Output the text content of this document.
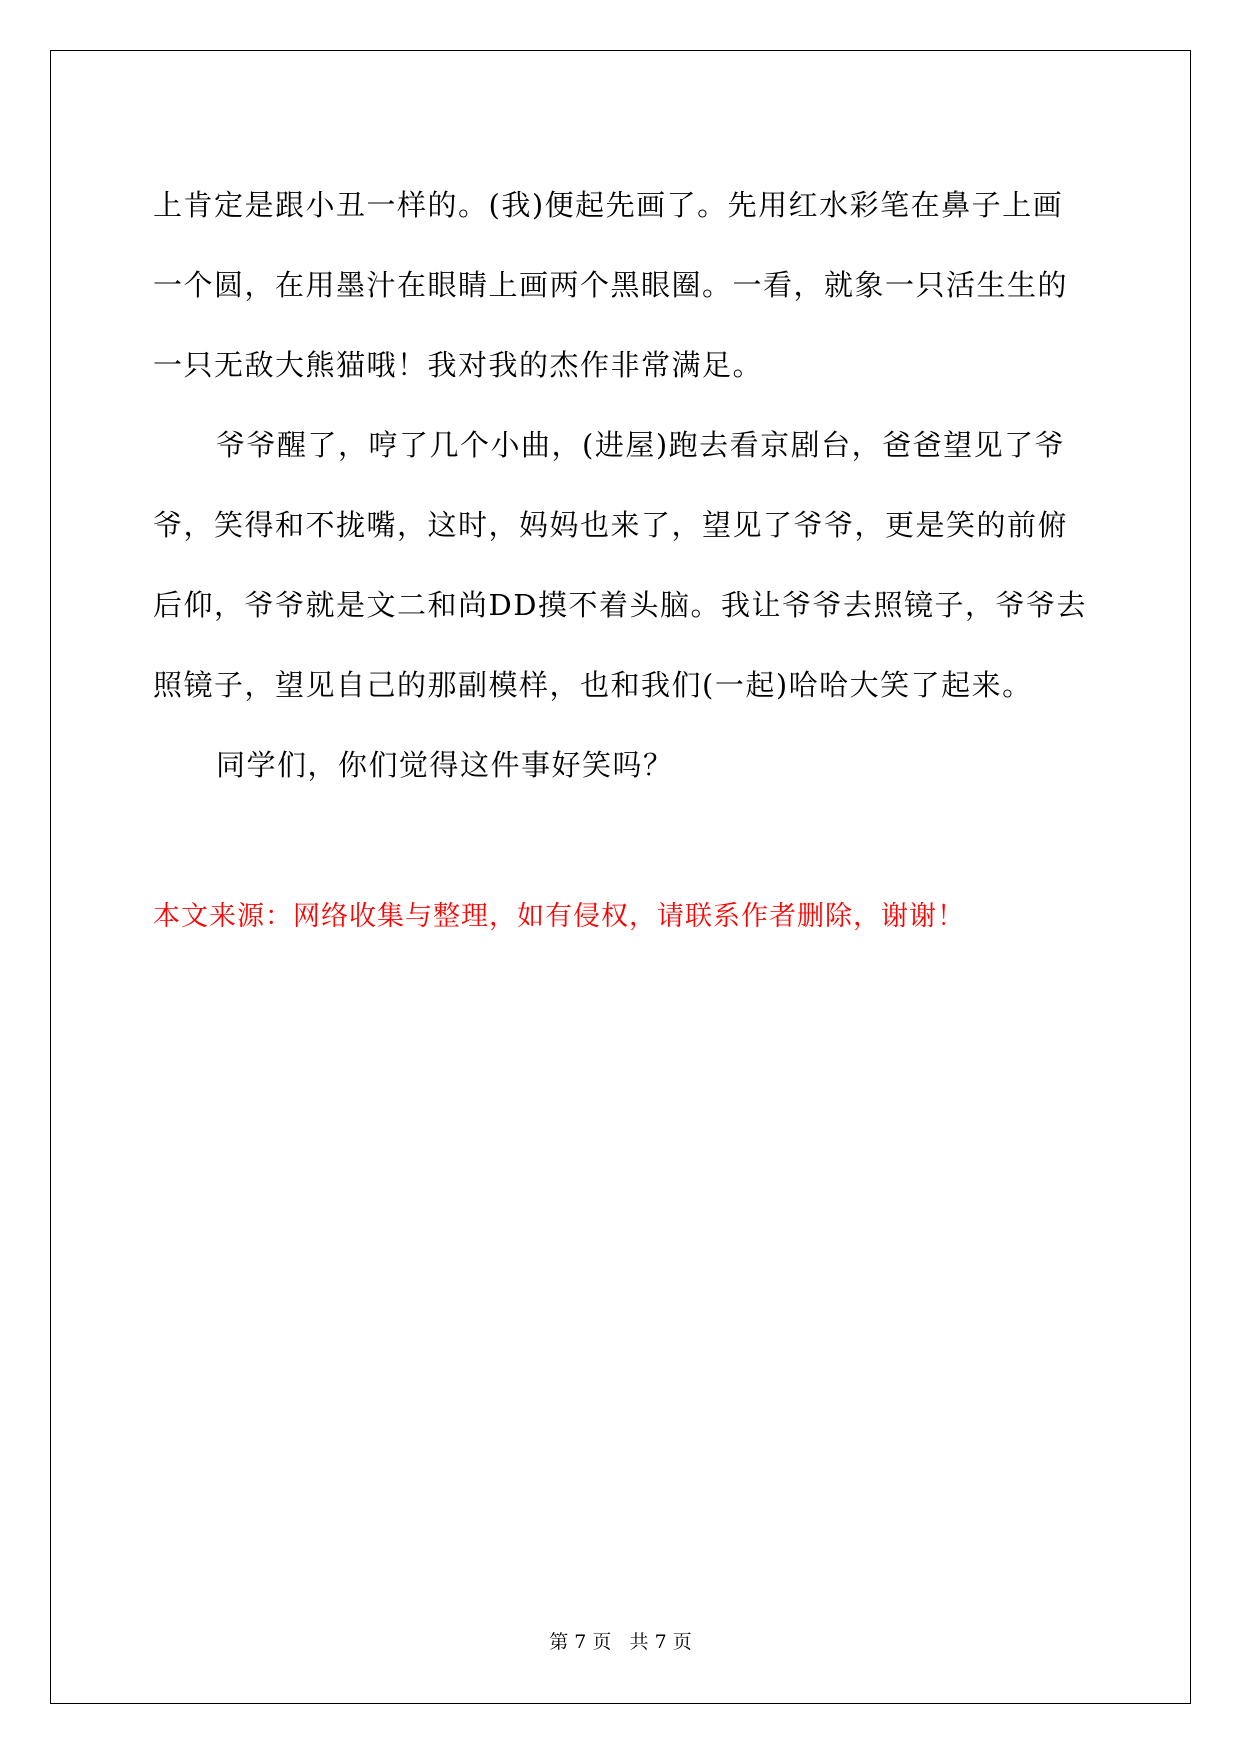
上肯定是跟小丑一样的。(我)便起先画了。先用红水彩笔在鼻子上画
一个圆，在用墨汁在眼睛上画两个黑眼圈。一看，就象一只活生生的
一只无敌大熊猫哦！我对我的杰作非常满足。
爷爷醒了，哼了几个小曲，(进屋)跑去看京剧台，爸爸望见了爷
爷，笑得和不拢嘴，这时，妈妈也来了，望见了爷爷，更是笑的前俯
后仰，爷爷就是文二和尚DD摸不着头脑。我让爷爷去照镜子，爷爷去
照镜子，望见自己的那副模样，也和我们(一起)哈哈大笑了起来。
同学们，你们觉得这件事好笑吗？
本文来源：网络收集与整理，如有侵权，请联系作者删除，谢谢！
第 7 页   共 7 页
